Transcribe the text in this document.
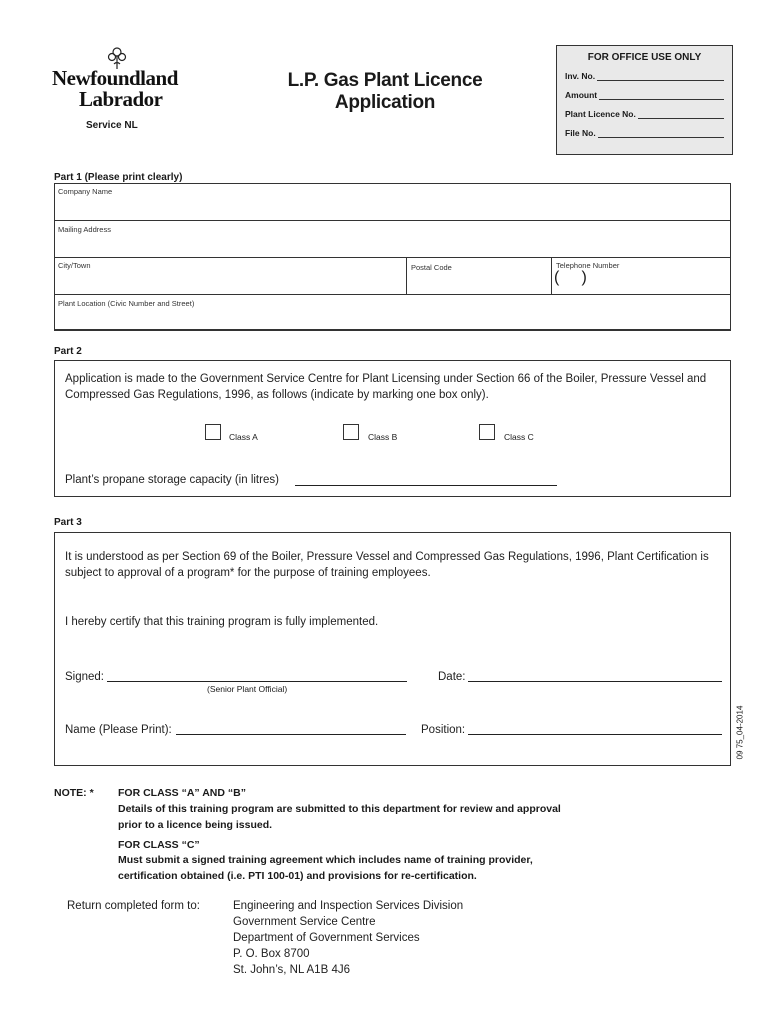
Newfoundland
Labrador
Service NL
L.P. Gas Plant Licence
Application
FOR OFFICE USE ONLY
Inv. No.
Amount
Plant Licence No.
File No.
Part 1 (Please print clearly)
Company Name
Mailing Address
City/Town	Postal Code	Telephone Number
(     )
Plant Location (Civic Number and Street)
Part 2
Application is made to the Government Service Centre for Plant Licensing under Section 66 of the Boiler, Pressure Vessel and Compressed Gas Regulations, 1996, as follows (indicate by marking one box only).
Class A	Class B	Class C
Plant’s propane storage capacity (in litres)
Part 3
It is understood as per Section 69 of the Boiler, Pressure Vessel and Compressed Gas Regulations, 1996, Plant Certification is subject to approval of a program* for the purpose of training employees.
I hereby certify that this training program is fully implemented.
Signed:
(Senior Plant Official)
Date:
Name (Please Print):	Position:	09 75_04-2014
NOTE: * FOR CLASS “A” AND “B”
Details of this training program are submitted to this department for review and approval
prior to a licence being issued.
FOR CLASS “C”
Must submit a signed training agreement which includes name of training provider,
certification obtained (i.e. PTI 100-01) and provisions for re-certification.
Return completed form to:	Engineering and Inspection Services Division
Government Service Centre
Department of Government Services
P. O. Box 8700
St. John’s, NL A1B 4J6
